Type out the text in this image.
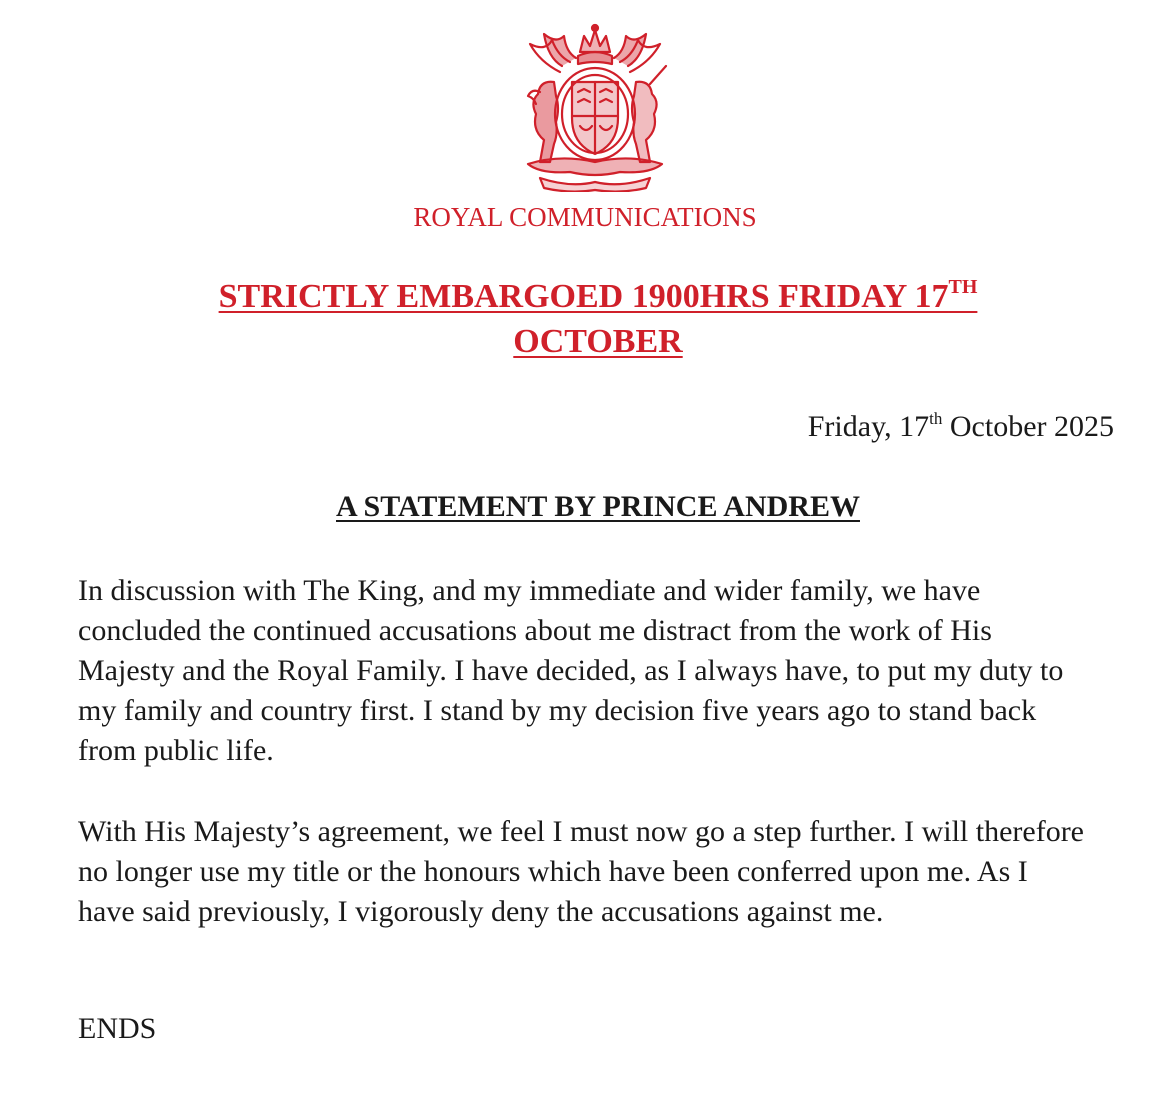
ROYAL COMMUNICATIONS
STRICTLY EMBARGOED 1900HRS FRIDAY 17TH
OCTOBER
Friday, 17th October 2025
A STATEMENT BY PRINCE ANDREW

In discussion with The King, and my immediate and wider family, we have concluded the continued accusations about me distract from the work of His Majesty and the Royal Family. I have decided, as I always have, to put my duty to my family and country first. I stand by my decision five years ago to stand back from public life.

With His Majesty’s agreement, we feel I must now go a step further. I will therefore no longer use my title or the honours which have been conferred upon me. As I have said previously, I vigorously deny the accusations against me.

ENDS
